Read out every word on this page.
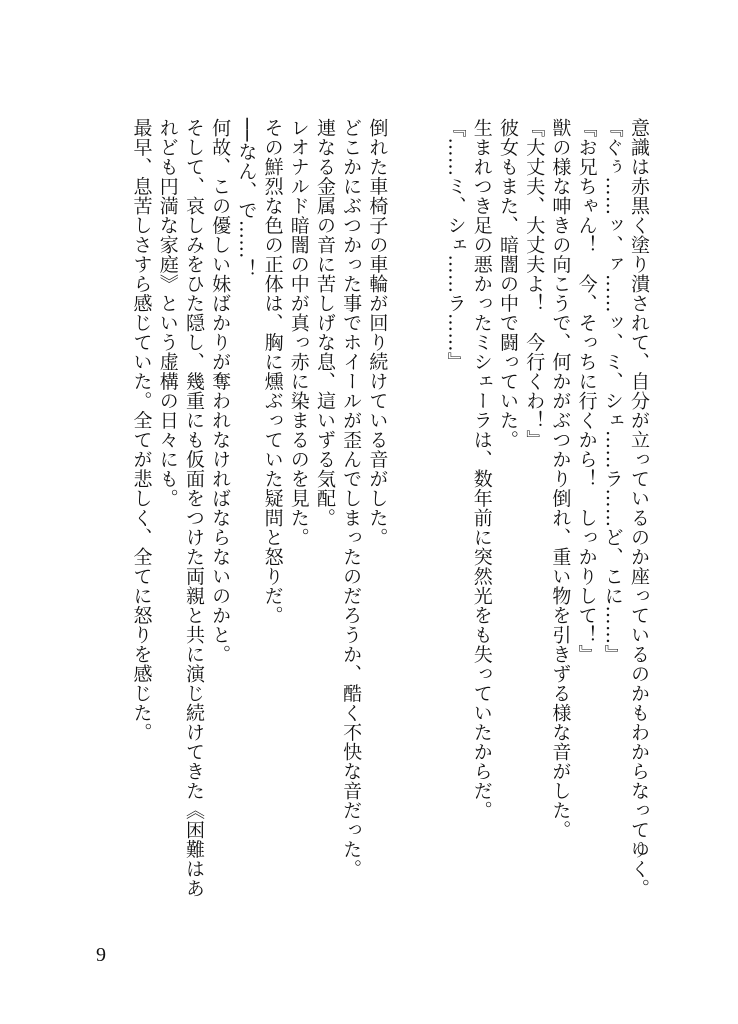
意識は赤黒く塗り潰されて、自分が立っているのか座っているのかもわからなってゆく。
『ぐぅ……ッ、ァ……ッ、ミ、シェ……ラ……ど、こに……』
『お兄ちゃん！　今、そっちに行くから！　しっかりして！』
獣の様な呻きの向こうで、何かがぶつかり倒れ、重い物を引きずる様な音がした。
『大丈夫、大丈夫よ！　今行くわ！』
彼女もまた、暗闇の中で闘っていた。
生まれつき足の悪かったミシェーラは、数年前に突然光をも失っていたからだ。
『……ミ、シェ……ラ……』
倒れた車椅子の車輪が回り続けている音がした。
どこかにぶつかった事でホイールが歪んでしまったのだろうか、酷く不快な音だった。
連なる金属の音に苦しげな息、這いずる気配。
レオナルド暗闇の中が真っ赤に染まるのを見た。
その鮮烈な色の正体は、胸に燻ぶっていた疑問と怒りだ。
──なん、で……！
何故、この優しい妹ばかりが奪われなければならないのかと。
そして、哀しみをひた隠し、幾重にも仮面をつけた両親と共に演じ続けてきた《困難はあ
れども円満な家庭》という虚構の日々にも。
最早、息苦しさすら感じていた。全てが悲しく、全てに怒りを感じた。
9
